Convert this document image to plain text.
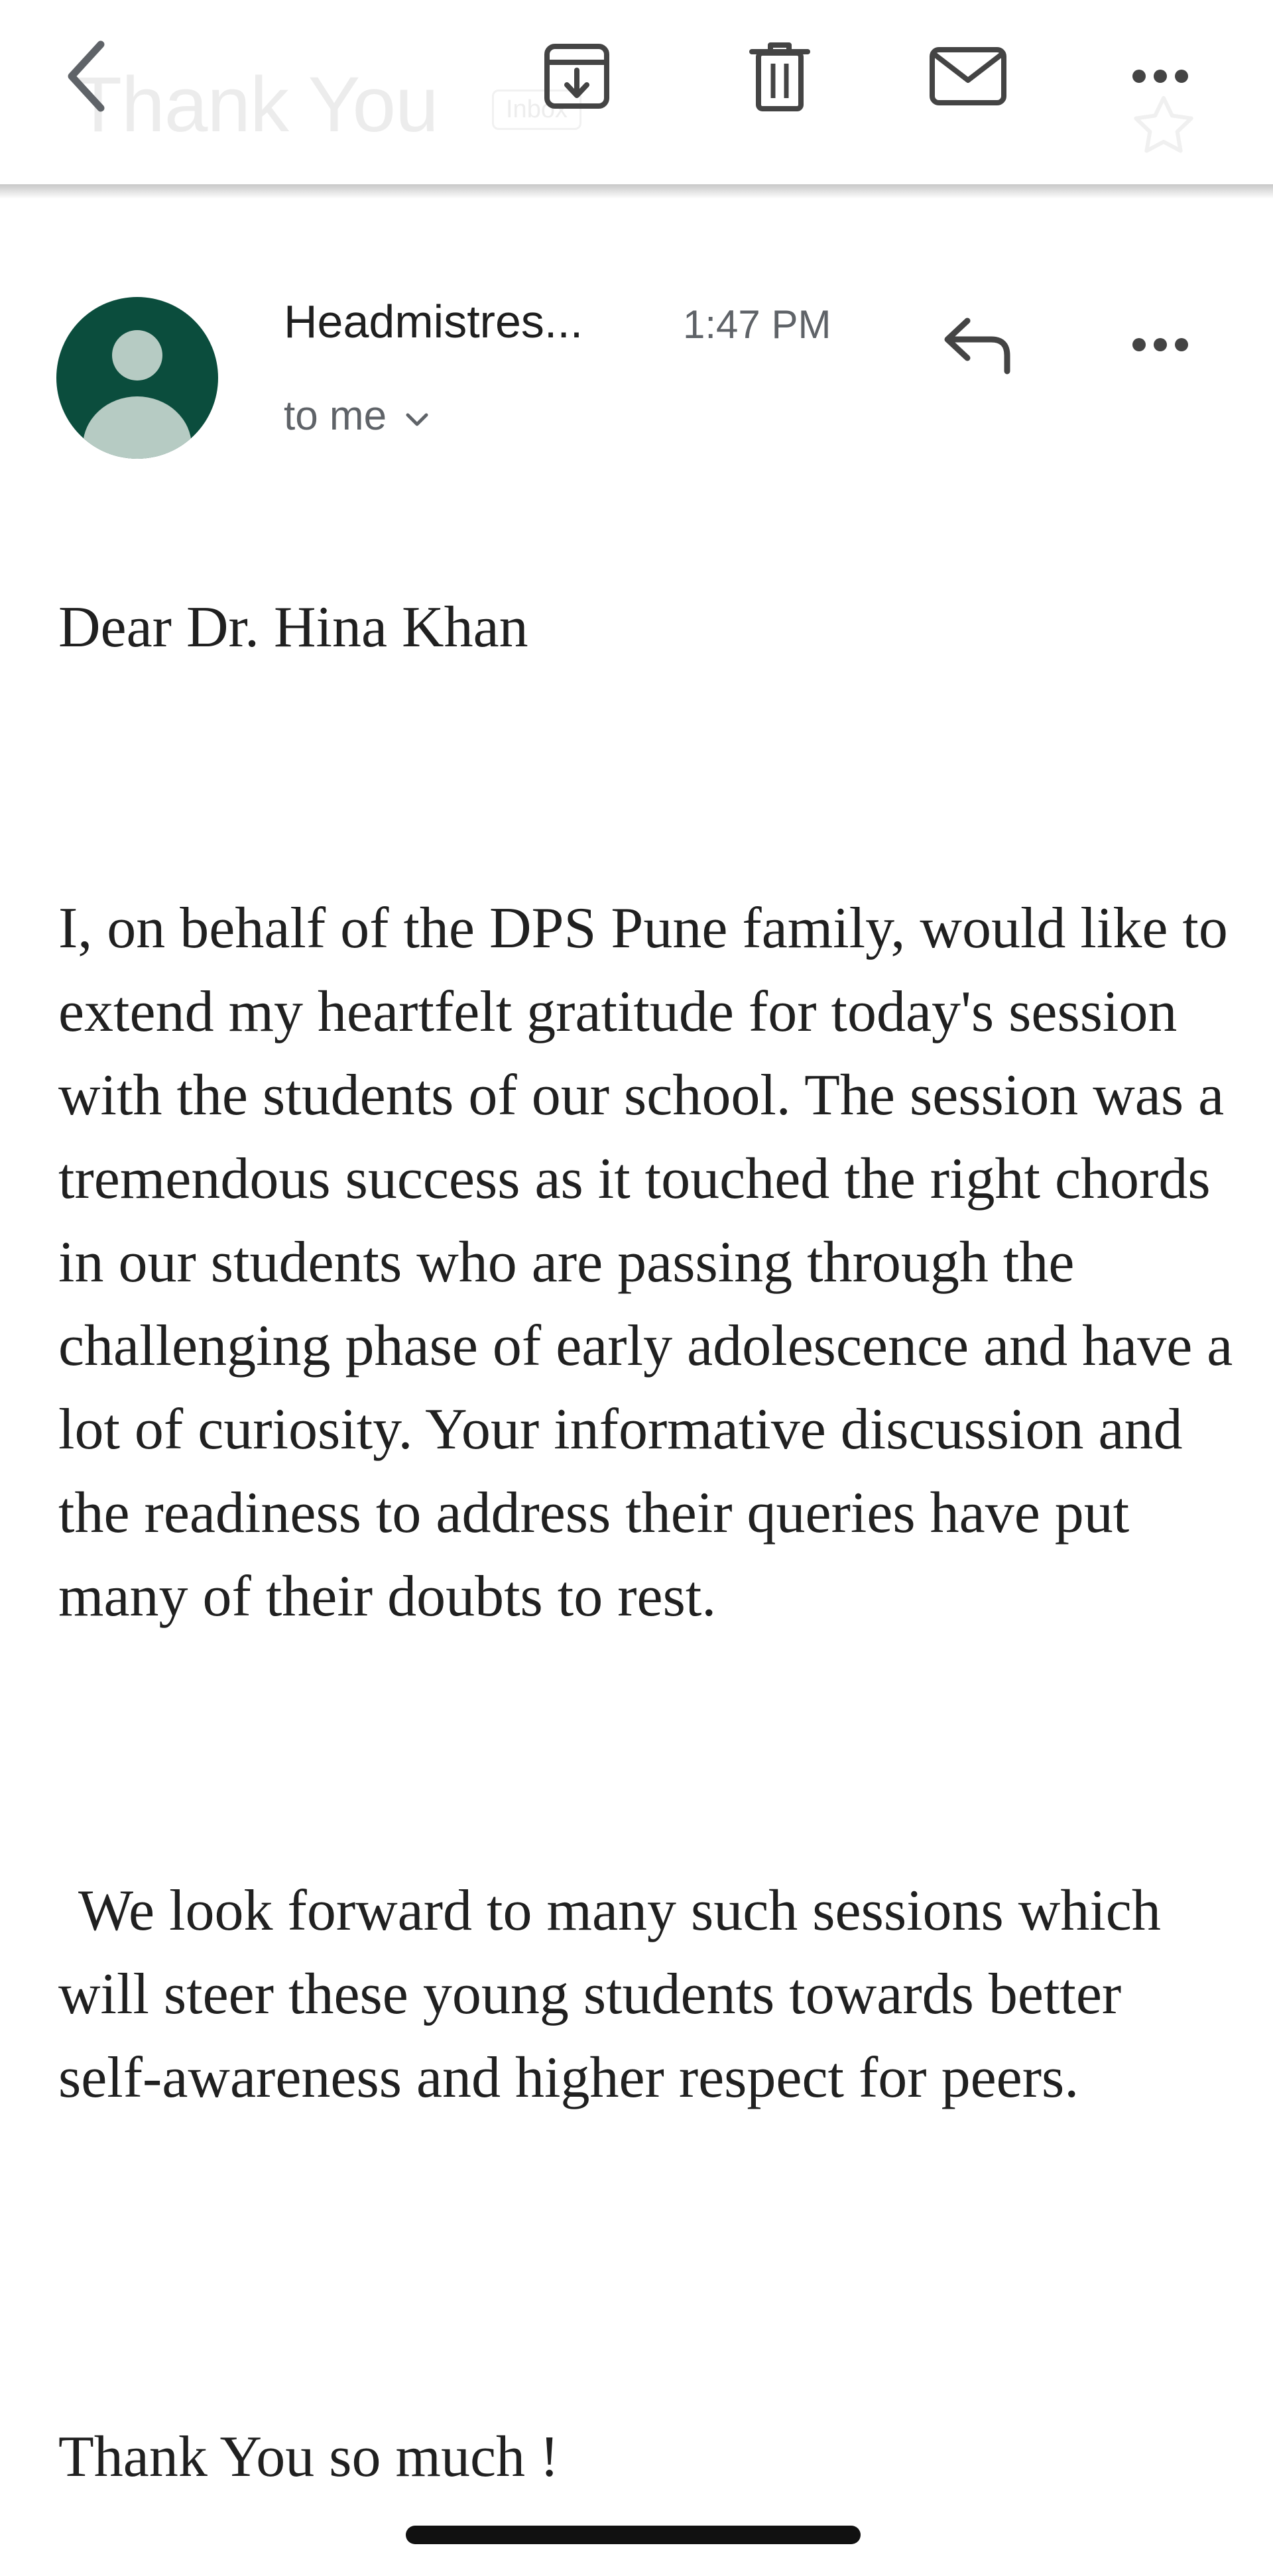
Thank You	Inbox
Headmistres...	1:47 PM
to me
Dear Dr. Hina Khan
I, on behalf of the DPS Pune family, would like to extend my heartfelt gratitude for today's session with the students of our school. The session was a tremendous success as it touched the right chords in our students who are passing through the challenging phase of early adolescence and have a lot of curiosity. Your informative discussion and the readiness to address their queries have put many of their doubts to rest.
We look forward to many such sessions which will steer these young students towards better self-awareness and higher respect for peers.
Thank You so much !
